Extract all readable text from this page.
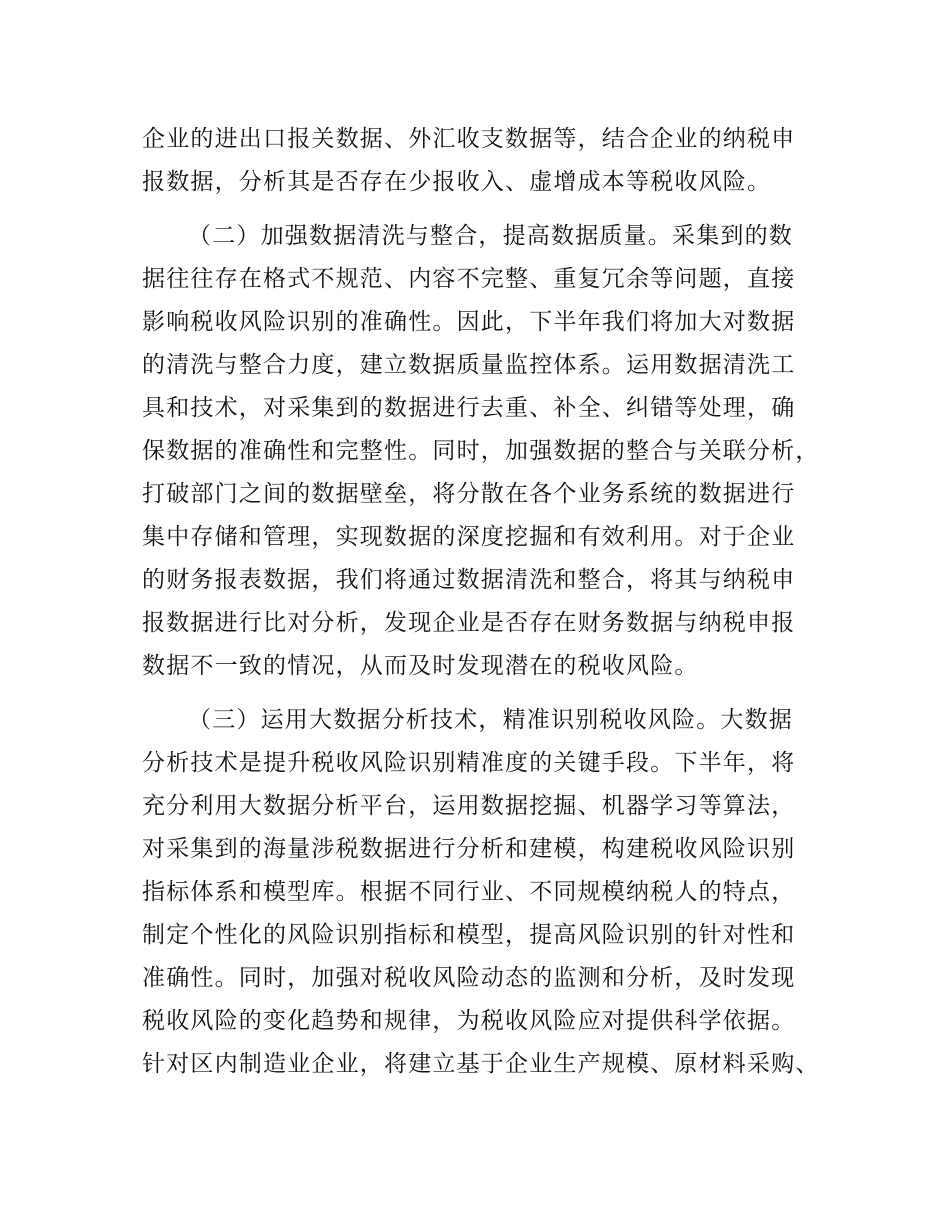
企业的进出口报关数据、外汇收支数据等，结合企业的纳税申
报数据，分析其是否存在少报收入、虚增成本等税收风险。
（二）加强数据清洗与整合，提高数据质量。采集到的数
据往往存在格式不规范、内容不完整、重复冗余等问题，直接
影响税收风险识别的准确性。因此，下半年我们将加大对数据
的清洗与整合力度，建立数据质量监控体系。运用数据清洗工
具和技术，对采集到的数据进行去重、补全、纠错等处理，确
保数据的准确性和完整性。同时，加强数据的整合与关联分析，
打破部门之间的数据壁垒，将分散在各个业务系统的数据进行
集中存储和管理，实现数据的深度挖掘和有效利用。对于企业
的财务报表数据，我们将通过数据清洗和整合，将其与纳税申
报数据进行比对分析，发现企业是否存在财务数据与纳税申报
数据不一致的情况，从而及时发现潜在的税收风险。
（三）运用大数据分析技术，精准识别税收风险。大数据
分析技术是提升税收风险识别精准度的关键手段。下半年，将
充分利用大数据分析平台，运用数据挖掘、机器学习等算法，
对采集到的海量涉税数据进行分析和建模，构建税收风险识别
指标体系和模型库。根据不同行业、不同规模纳税人的特点，
制定个性化的风险识别指标和模型，提高风险识别的针对性和
准确性。同时，加强对税收风险动态的监测和分析，及时发现
税收风险的变化趋势和规律，为税收风险应对提供科学依据。
针对区内制造业企业，将建立基于企业生产规模、原材料采购、
